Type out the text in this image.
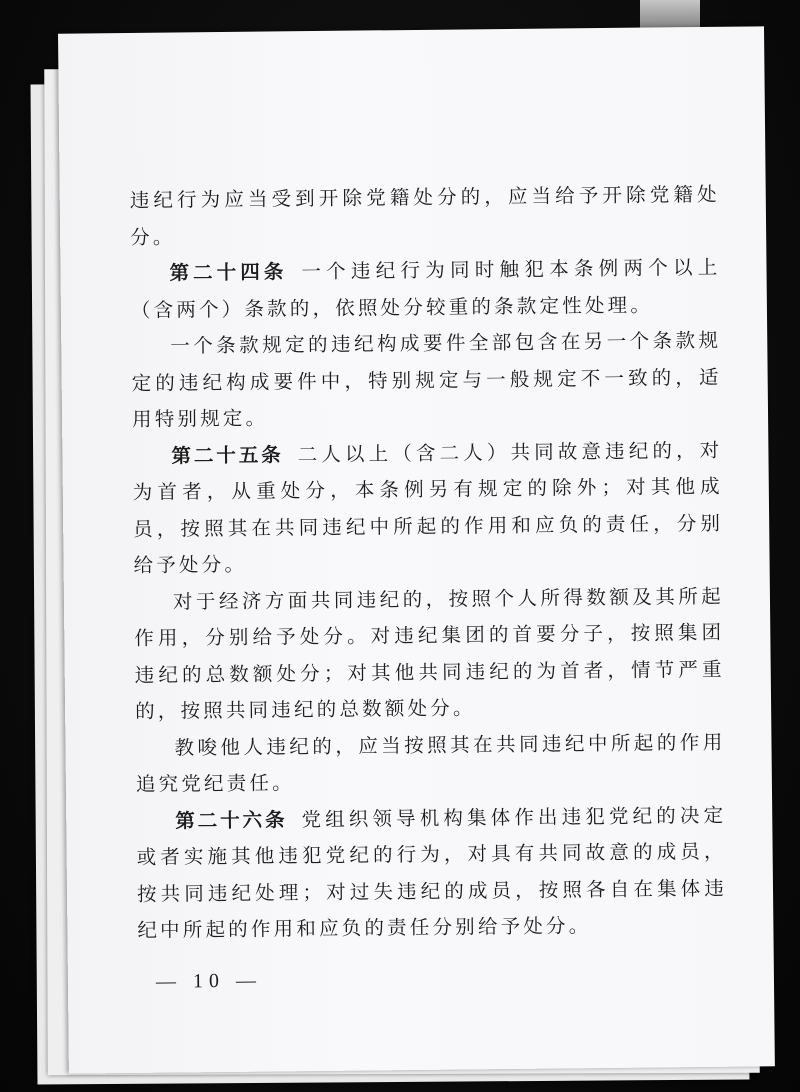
违纪行为应当受到开除党籍处分的，应当给予开除党籍处分。

第二十四条 一个违纪行为同时触犯本条例两个以上（含两个）条款的，依照处分较重的条款定性处理。

一个条款规定的违纪构成要件全部包含在另一个条款规定的违纪构成要件中，特别规定与一般规定不一致的，适用特别规定。

第二十五条 二人以上（含二人）共同故意违纪的，对为首者，从重处分，本条例另有规定的除外；对其他成员，按照其在共同违纪中所起的作用和应负的责任，分别给予处分。

对于经济方面共同违纪的，按照个人所得数额及其所起作用，分别给予处分。对违纪集团的首要分子，按照集团违纪的总数额处分；对其他共同违纪的为首者，情节严重的，按照共同违纪的总数额处分。

教唆他人违纪的，应当按照其在共同违纪中所起的作用追究党纪责任。

第二十六条 党组织领导机构集体作出违犯党纪的决定或者实施其他违犯党纪的行为，对具有共同故意的成员，按共同违纪处理；对过失违纪的成员，按照各自在集体违纪中所起的作用和应负的责任分别给予处分。

— 10 —
